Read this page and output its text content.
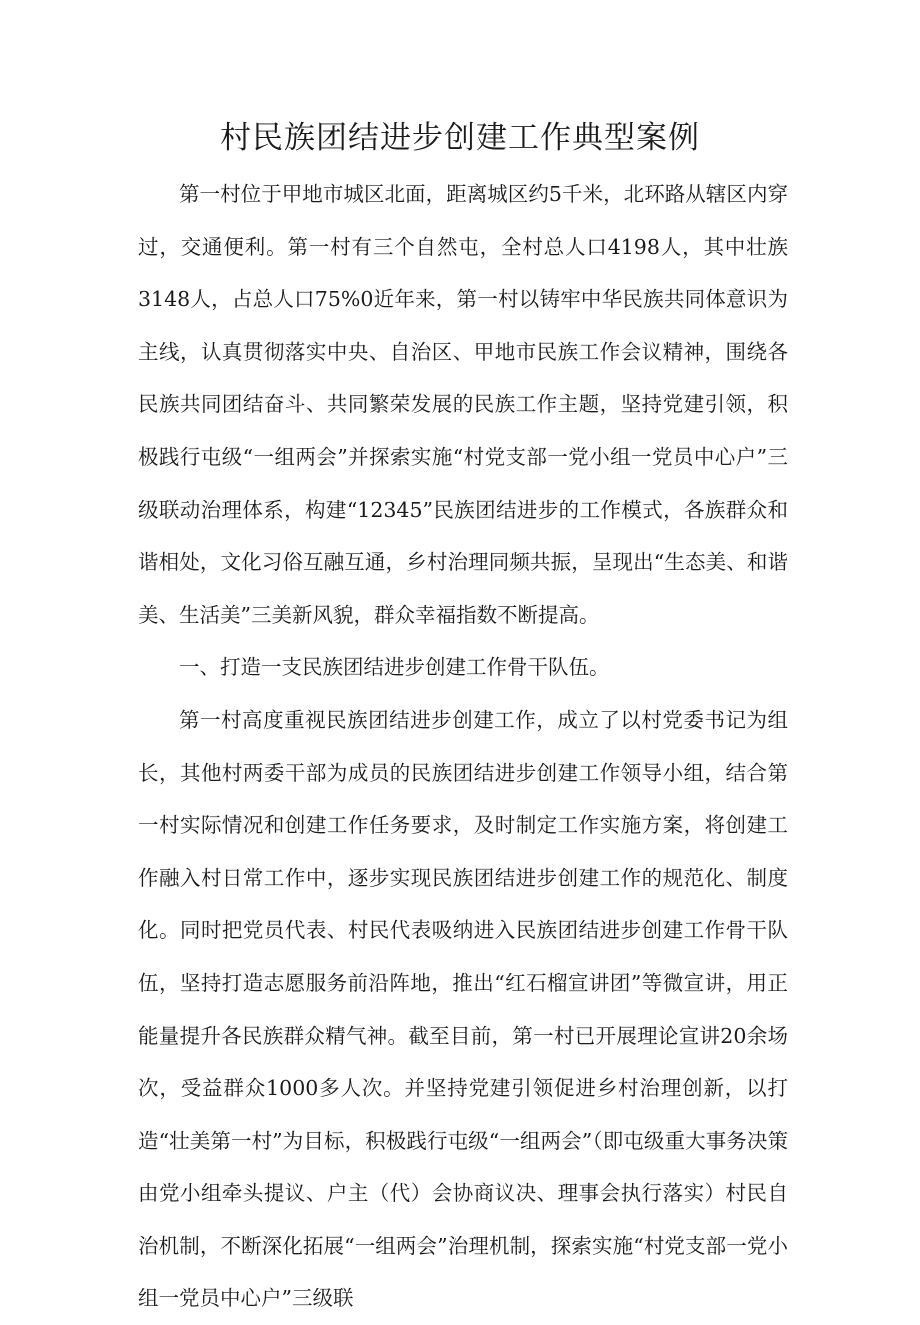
村民族团结进步创建工作典型案例

第一村位于甲地市城区北面，距离城区约5千米，北环路从辖区内穿过，交通便利。第一村有三个自然屯，全村总人口4198人，其中壮族3148人，占总人口75%0近年来，第一村以铸牢中华民族共同体意识为主线，认真贯彻落实中央、自治区、甲地市民族工作会议精神，围绕各民族共同团结奋斗、共同繁荣发展的民族工作主题，坚持党建引领，积极践行屯级“一组两会”并探索实施“村党支部一党小组一党员中心户”三级联动治理体系，构建“12345”民族团结进步的工作模式，各族群众和谐相处，文化习俗互融互通，乡村治理同频共振，呈现出“生态美、和谐美、生活美”三美新风貌，群众幸福指数不断提高。

一、打造一支民族团结进步创建工作骨干队伍。

第一村高度重视民族团结进步创建工作，成立了以村党委书记为组长，其他村两委干部为成员的民族团结进步创建工作领导小组，结合第一村实际情况和创建工作任务要求，及时制定工作实施方案，将创建工作融入村日常工作中，逐步实现民族团结进步创建工作的规范化、制度化。同时把党员代表、村民代表吸纳进入民族团结进步创建工作骨干队伍，坚持打造志愿服务前沿阵地，推出“红石榴宣讲团”等微宣讲，用正能量提升各民族群众精气神。截至目前，第一村已开展理论宣讲20余场次，受益群众1000多人次。并坚持党建引领促进乡村治理创新，以打造“壮美第一村”为目标，积极践行屯级“一组两会”（即屯级重大事务决策由党小组牵头提议、户主（代）会协商议决、理事会执行落实）村民自治机制，不断深化拓展“一组两会”治理机制，探索实施“村党支部一党小组一党员中心户”三级联
